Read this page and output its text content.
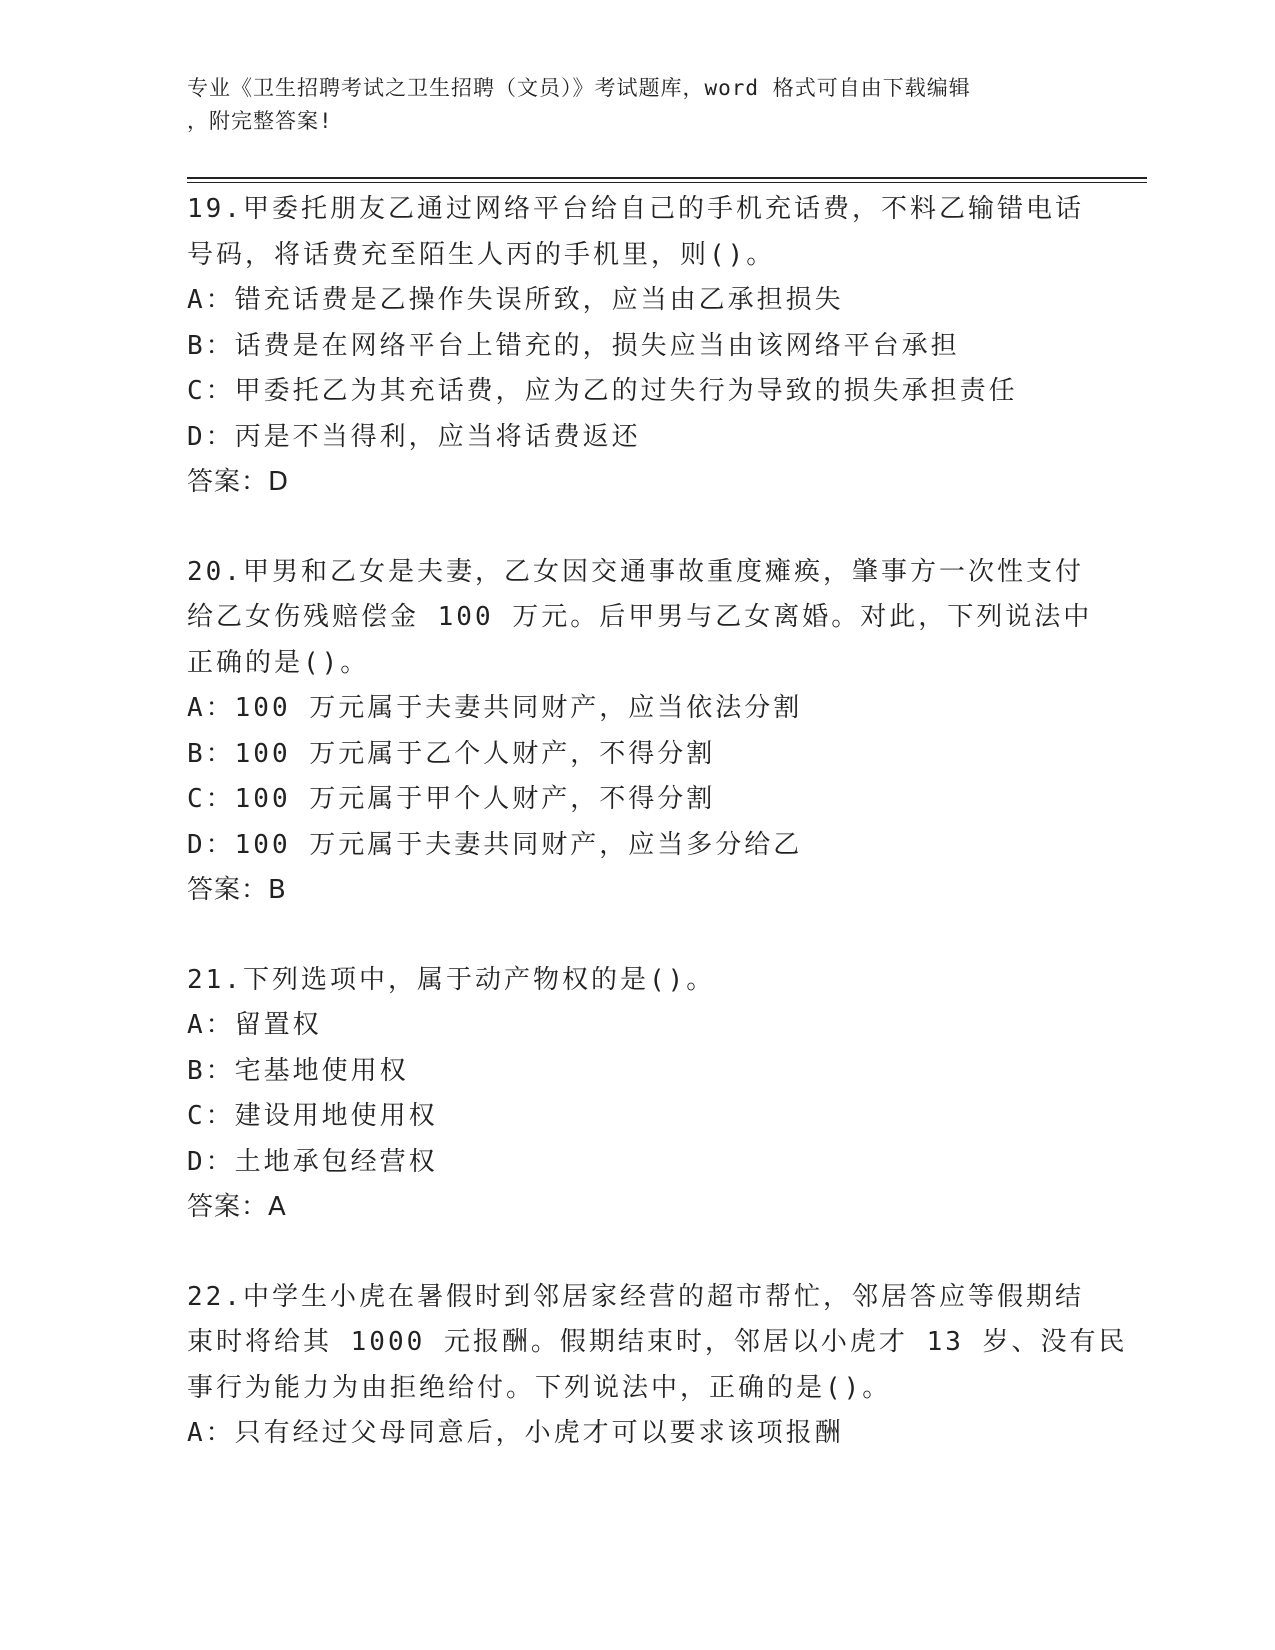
专业《卫生招聘考试之卫生招聘（文员）》考试题库，word 格式可自由下载编辑
，附完整答案!
19.甲委托朋友乙通过网络平台给自己的手机充话费，不料乙输错电话
号码，将话费充至陌生人丙的手机里，则()。
A：错充话费是乙操作失误所致，应当由乙承担损失
B：话费是在网络平台上错充的，损失应当由该网络平台承担
C：甲委托乙为其充话费，应为乙的过失行为导致的损失承担责任
D：丙是不当得利，应当将话费返还
答案：D
20.甲男和乙女是夫妻，乙女因交通事故重度瘫痪，肇事方一次性支付
给乙女伤残赔偿金 100 万元。后甲男与乙女离婚。对此，下列说法中
正确的是()。
A：100 万元属于夫妻共同财产，应当依法分割
B：100 万元属于乙个人财产，不得分割
C：100 万元属于甲个人财产，不得分割
D：100 万元属于夫妻共同财产，应当多分给乙
答案：B
21.下列选项中，属于动产物权的是()。
A：留置权
B：宅基地使用权
C：建设用地使用权
D：土地承包经营权
答案：A
22.中学生小虎在暑假时到邻居家经营的超市帮忙，邻居答应等假期结
束时将给其 1000 元报酬。假期结束时，邻居以小虎才 13 岁、没有民
事行为能力为由拒绝给付。下列说法中，正确的是()。
A：只有经过父母同意后，小虎才可以要求该项报酬
